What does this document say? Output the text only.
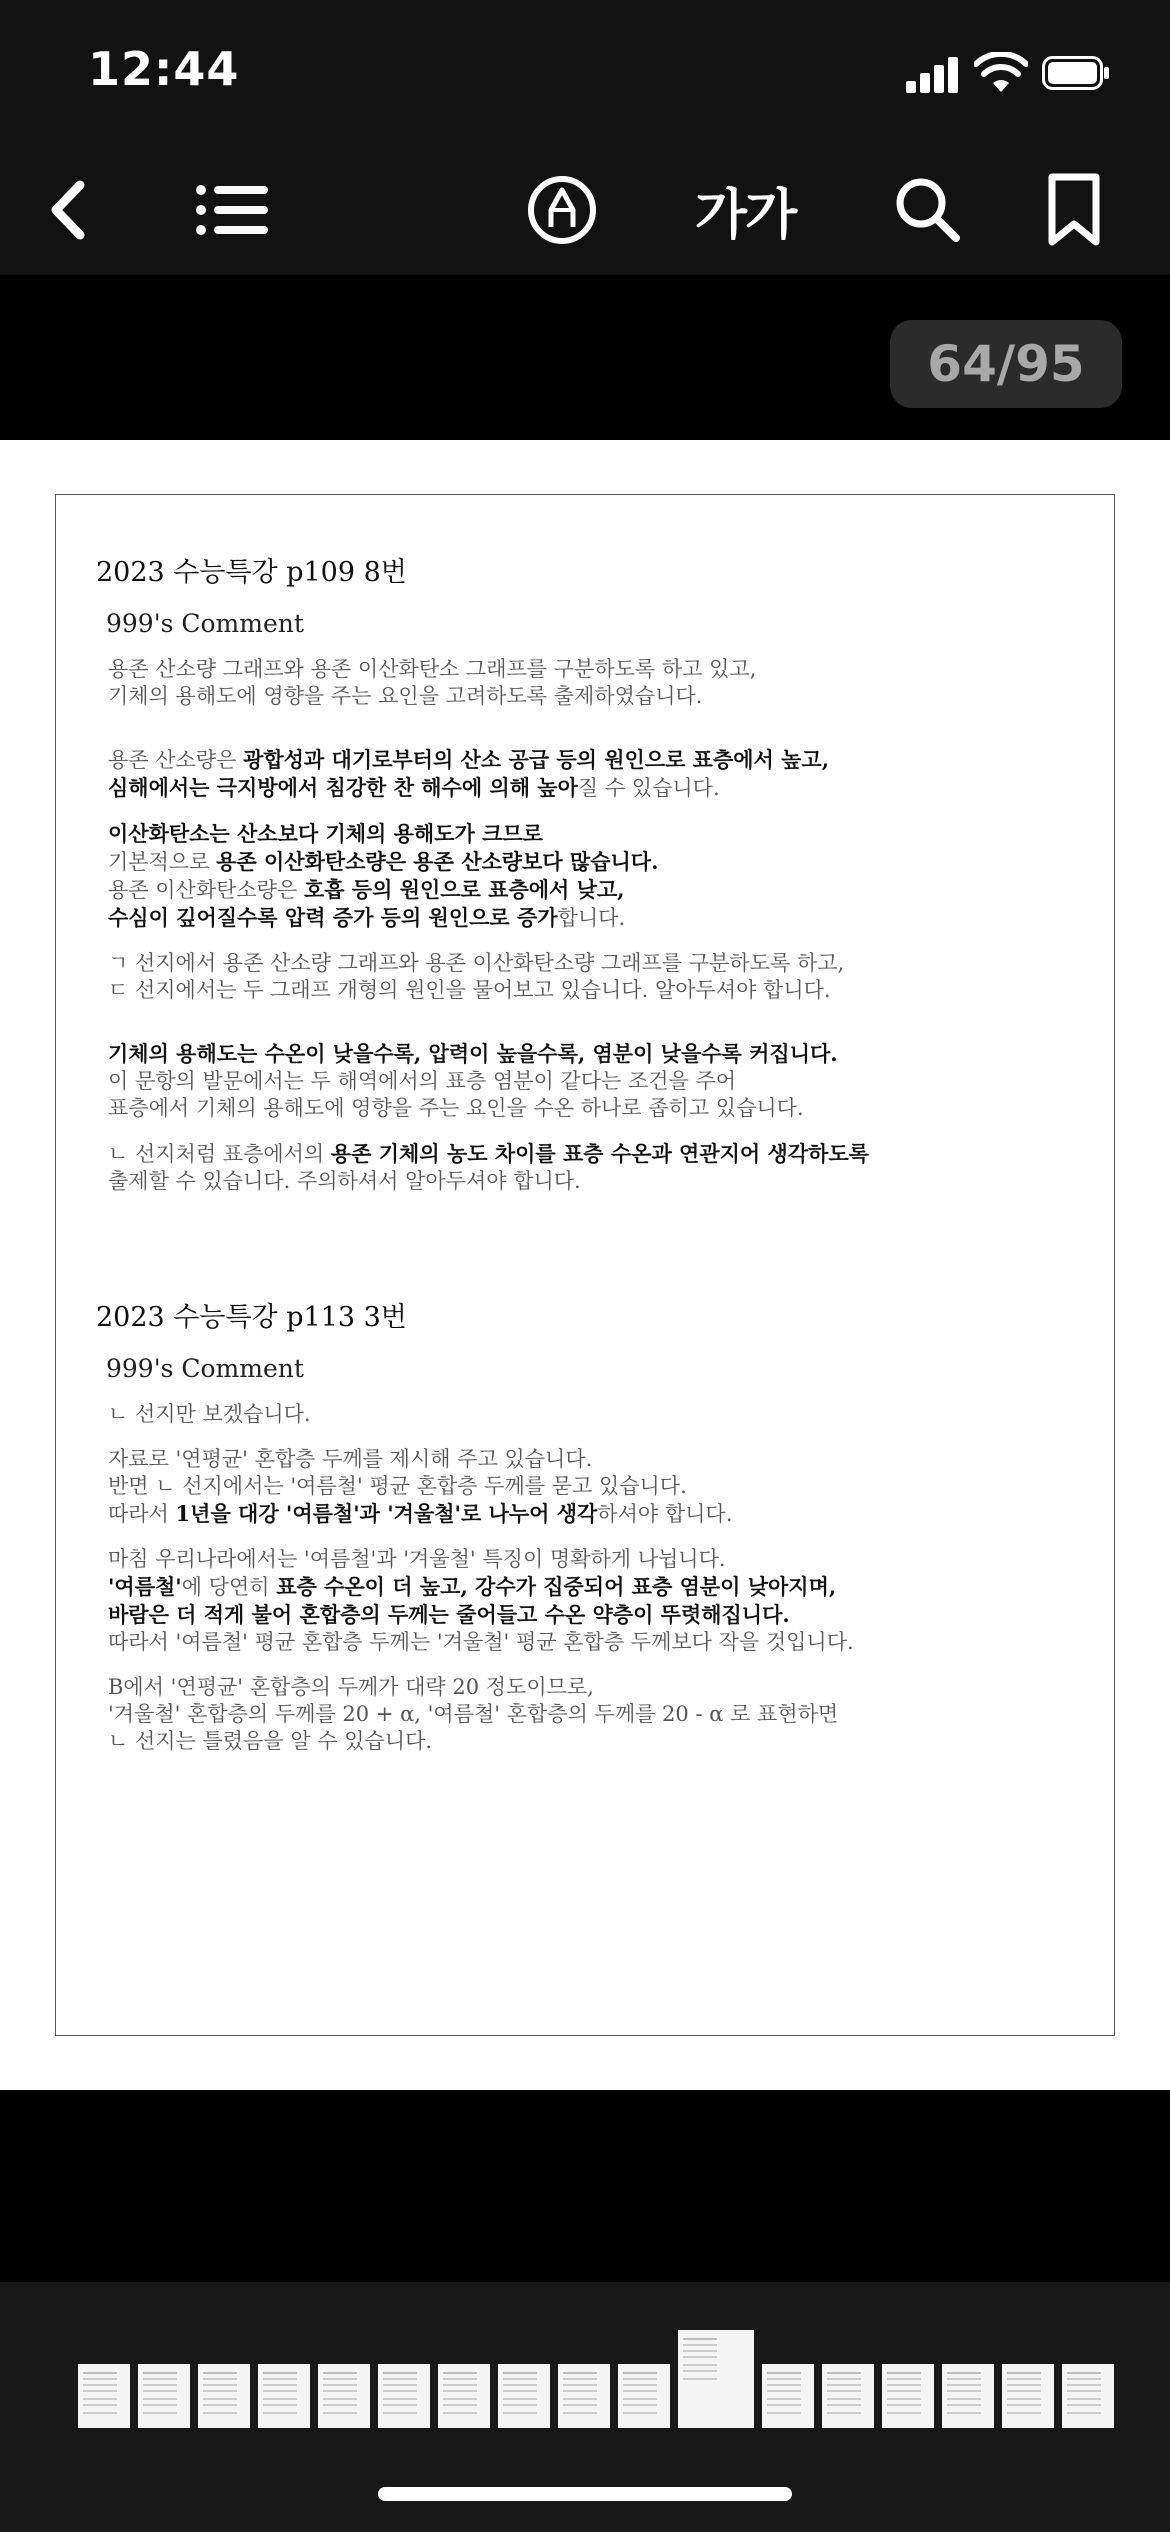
12:44
가가
64/95
2023 수능특강 p109 8번
999's Comment
용존 산소량 그래프와 용존 이산화탄소 그래프를 구분하도록 하고 있고,
기체의 용해도에 영향을 주는 요인을 고려하도록 출제하였습니다.
용존 산소량은 광합성과 대기로부터의 산소 공급 등의 원인으로 표층에서 높고,
심해에서는 극지방에서 침강한 찬 해수에 의해 높아질 수 있습니다.
이산화탄소는 산소보다 기체의 용해도가 크므로
기본적으로 용존 이산화탄소량은 용존 산소량보다 많습니다.
용존 이산화탄소량은 호흡 등의 원인으로 표층에서 낮고,
수심이 깊어질수록 압력 증가 등의 원인으로 증가합니다.
ㄱ 선지에서 용존 산소량 그래프와 용존 이산화탄소량 그래프를 구분하도록 하고,
ㄷ 선지에서는 두 그래프 개형의 원인을 물어보고 있습니다. 알아두셔야 합니다.
기체의 용해도는 수온이 낮을수록, 압력이 높을수록, 염분이 낮을수록 커집니다.
이 문항의 발문에서는 두 해역에서의 표층 염분이 같다는 조건을 주어
표층에서 기체의 용해도에 영향을 주는 요인을 수온 하나로 좁히고 있습니다.
ㄴ 선지처럼 표층에서의 용존 기체의 농도 차이를 표층 수온과 연관지어 생각하도록
출제할 수 있습니다. 주의하셔서 알아두셔야 합니다.
2023 수능특강 p113 3번
999's Comment
ㄴ 선지만 보겠습니다.
자료로 '연평균' 혼합층 두께를 제시해 주고 있습니다.
반면 ㄴ 선지에서는 '여름철' 평균 혼합층 두께를 묻고 있습니다.
따라서 1년을 대강 '여름철'과 '겨울철'로 나누어 생각하셔야 합니다.
마침 우리나라에서는 '여름철'과 '겨울철' 특징이 명확하게 나뉩니다.
'여름철'에 당연히 표층 수온이 더 높고, 강수가 집중되어 표층 염분이 낮아지며,
바람은 더 적게 불어 혼합층의 두께는 줄어들고 수온 약층이 뚜렷해집니다.
따라서 '여름철' 평균 혼합층 두께는 '겨울철' 평균 혼합층 두께보다 작을 것입니다.
B에서 '연평균' 혼합층의 두께가 대략 20 정도이므로,
'겨울철' 혼합층의 두께를 20 + α, '여름철' 혼합층의 두께를 20 - α 로 표현하면
ㄴ 선지는 틀렸음을 알 수 있습니다.
